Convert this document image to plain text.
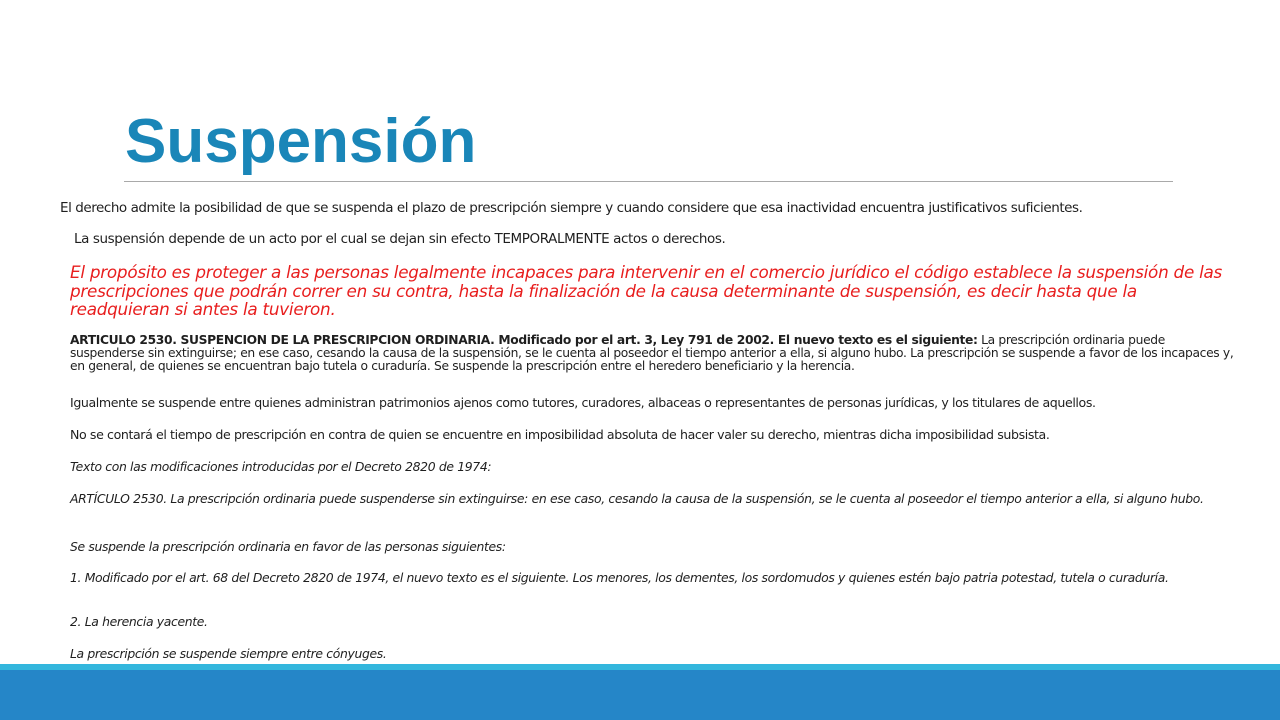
Suspensión

El derecho admite la posibilidad de que se suspenda el plazo de prescripción siempre y cuando considere que esa inactividad encuentra justificativos suficientes.

La suspensión depende de un acto por el cual se dejan sin efecto TEMPORALMENTE actos o derechos.

El propósito es proteger a las personas legalmente incapaces para intervenir en el comercio jurídico el código establece la suspensión de las prescripciones que podrán correr en su contra, hasta la finalización de la causa determinante de suspensión, es decir hasta que la readquieran si antes la tuvieron.

ARTICULO 2530. SUSPENCION DE LA PRESCRIPCION ORDINARIA. Modificado por el art. 3, Ley 791 de 2002. El nuevo texto es el siguiente: La prescripción ordinaria puede suspenderse sin extinguirse; en ese caso, cesando la causa de la suspensión, se le cuenta al poseedor el tiempo anterior a ella, si alguno hubo. La prescripción se suspende a favor de los incapaces y, en general, de quienes se encuentran bajo tutela o curaduría. Se suspende la prescripción entre el heredero beneficiario y la herencia.

Igualmente se suspende entre quienes administran patrimonios ajenos como tutores, curadores, albaceas o representantes de personas jurídicas, y los titulares de aquellos.

No se contará el tiempo de prescripción en contra de quien se encuentre en imposibilidad absoluta de hacer valer su derecho, mientras dicha imposibilidad subsista.

Texto con las modificaciones introducidas por el Decreto 2820 de 1974:

ARTÍCULO 2530. La prescripción ordinaria puede suspenderse sin extinguirse: en ese caso, cesando la causa de la suspensión, se le cuenta al poseedor el tiempo anterior a ella, si alguno hubo.

Se suspende la prescripción ordinaria en favor de las personas siguientes:

1. Modificado por el art. 68 del Decreto 2820 de 1974, el nuevo texto es el siguiente. Los menores, los dementes, los sordomudos y quienes estén bajo patria potestad, tutela o curaduría.

2. La herencia yacente.

La prescripción se suspende siempre entre cónyuges.
